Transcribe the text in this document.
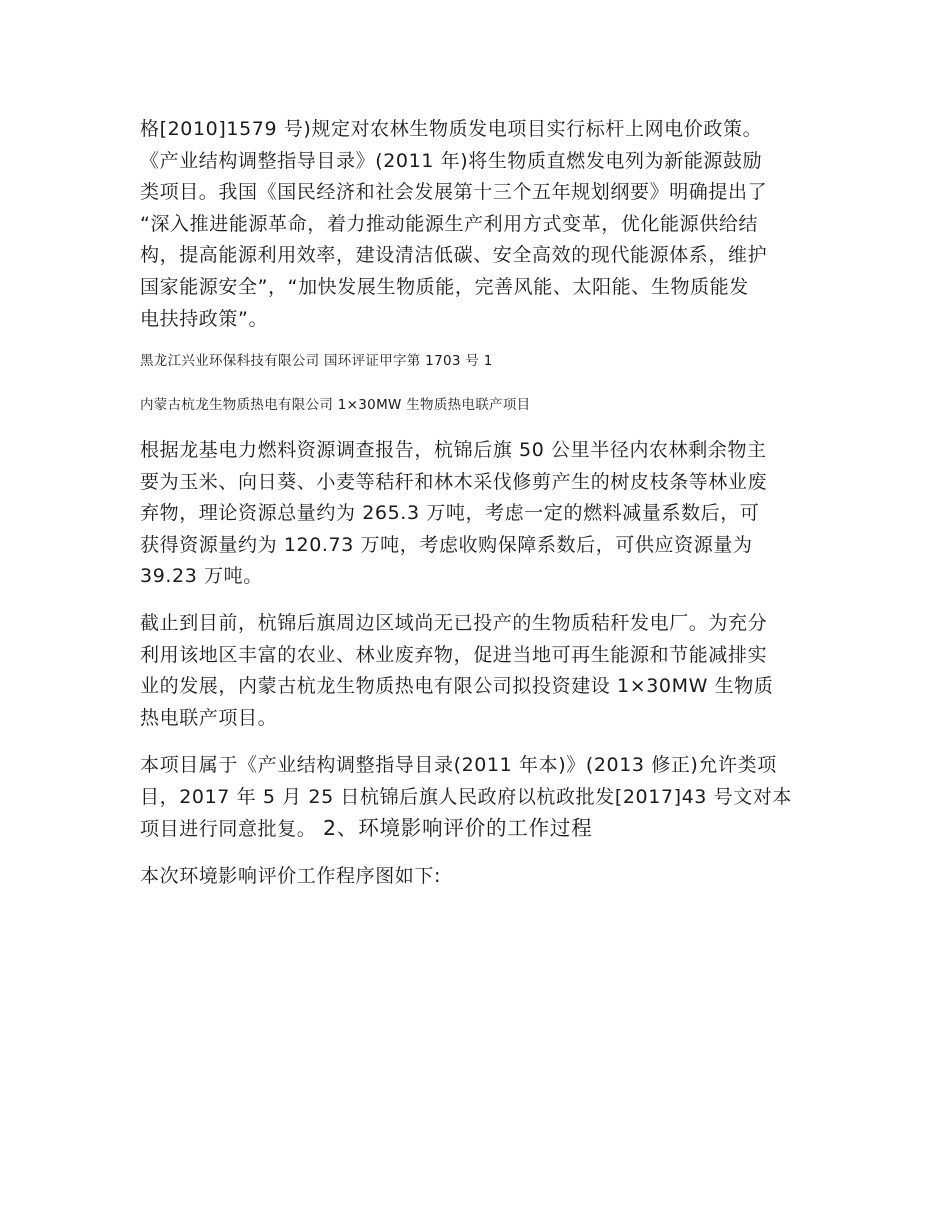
格[2010]1579 号)规定对农林生物质发电项目实行标杆上网电价政策。
《产业结构调整指导目录》(2011 年)将生物质直燃发电列为新能源鼓励
类项目。我国《国民经济和社会发展第十三个五年规划纲要》明确提出了
“深入推进能源革命，着力推动能源生产利用方式变革，优化能源供给结
构，提高能源利用效率，建设清洁低碳、安全高效的现代能源体系，维护
国家能源安全”，“加快发展生物质能，完善风能、太阳能、生物质能发
电扶持政策”。

黑龙江兴业环保科技有限公司 国环评证甲字第 1703 号 1

内蒙古杭龙生物质热电有限公司 1×30MW 生物质热电联产项目

根据龙基电力燃料资源调查报告，杭锦后旗 50 公里半径内农林剩余物主
要为玉米、向日葵、小麦等秸秆和林木采伐修剪产生的树皮枝条等林业废
弃物，理论资源总量约为 265.3 万吨，考虑一定的燃料减量系数后，可
获得资源量约为 120.73 万吨，考虑收购保障系数后，可供应资源量为
39.23 万吨。

截止到目前，杭锦后旗周边区域尚无已投产的生物质秸秆发电厂。为充分
利用该地区丰富的农业、林业废弃物，促进当地可再生能源和节能减排实
业的发展，内蒙古杭龙生物质热电有限公司拟投资建设 1×30MW 生物质
热电联产项目。

本项目属于《产业结构调整指导目录(2011 年本)》(2013 修正)允许类项
目，2017 年 5 月 25 日杭锦后旗人民政府以杭政批发[2017]43 号文对本
项目进行同意批复。 2、环境影响评价的工作过程

本次环境影响评价工作程序图如下:
